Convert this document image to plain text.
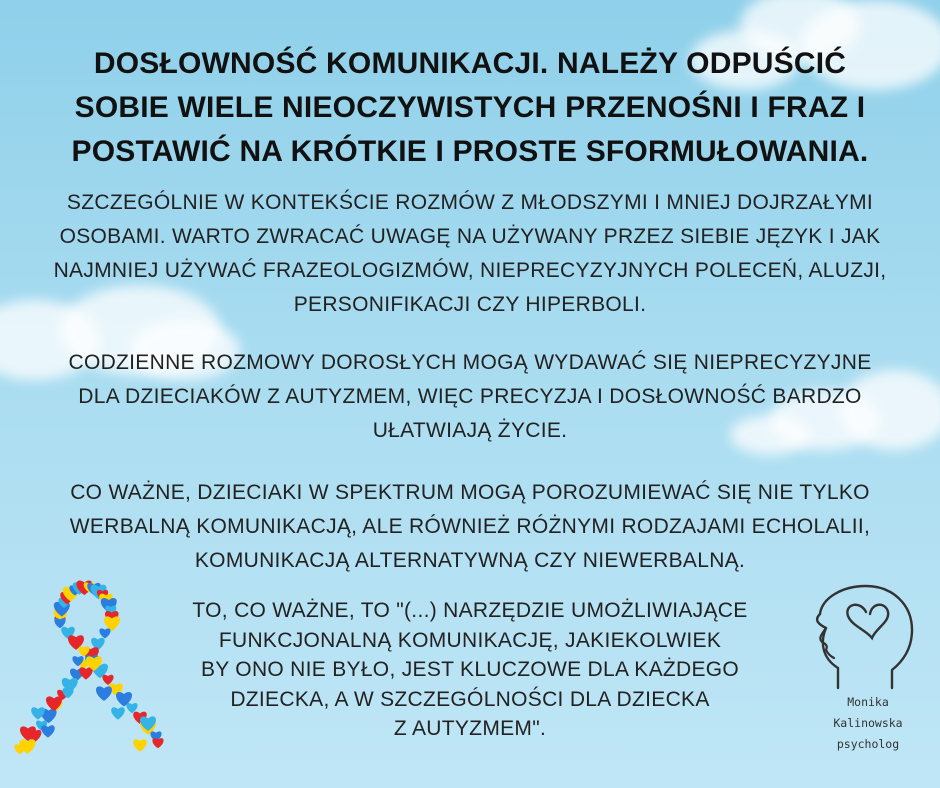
DOSŁOWNOŚĆ KOMUNIKACJI. NALEŻY ODPUŚCIĆ
SOBIE WIELE NIEOCZYWISTYCH PRZENOŚNI I FRAZ I
POSTAWIĆ NA KRÓTKIE I PROSTE SFORMUŁOWANIA.

SZCZEGÓLNIE W KONTEKŚCIE ROZMÓW Z MŁODSZYMI I MNIEJ DOJRZAŁYMI
OSOBAMI. WARTO ZWRACAĆ UWAGĘ NA UŻYWANY PRZEZ SIEBIE JĘZYK I JAK
NAJMNIEJ UŻYWAĆ FRAZEOLOGIZMÓW, NIEPRECYZYJNYCH POLECEŃ, ALUZJI,
PERSONIFIKACJI CZY HIPERBOLI.

CODZIENNE ROZMOWY DOROSŁYCH MOGĄ WYDAWAĆ SIĘ NIEPRECYZYJNE
DLA DZIECIAKÓW Z AUTYZMEM, WIĘC PRECYZJA I DOSŁOWNOŚĆ BARDZO
UŁATWIAJĄ ŻYCIE.

CO WAŻNE, DZIECIAKI W SPEKTRUM MOGĄ POROZUMIEWAĆ SIĘ NIE TYLKO
WERBALNĄ KOMUNIKACJĄ, ALE RÓWNIEŻ RÓŻNYMI RODZAJAMI ECHOLALII,
KOMUNIKACJĄ ALTERNATYWNĄ CZY NIEWERBALNĄ.

TO, CO WAŻNE, TO "(...) NARZĘDZIE UMOŻLIWIAJĄCE
FUNKCJONALNĄ KOMUNIKACJĘ, JAKIEKOLWIEK
BY ONO NIE BYŁO, JEST KLUCZOWE DLA KAŻDEGO
DZIECKA, A W SZCZEGÓLNOŚCI DLA DZIECKA
Z AUTYZMEM".

Monika
Kalinowska
psycholog
